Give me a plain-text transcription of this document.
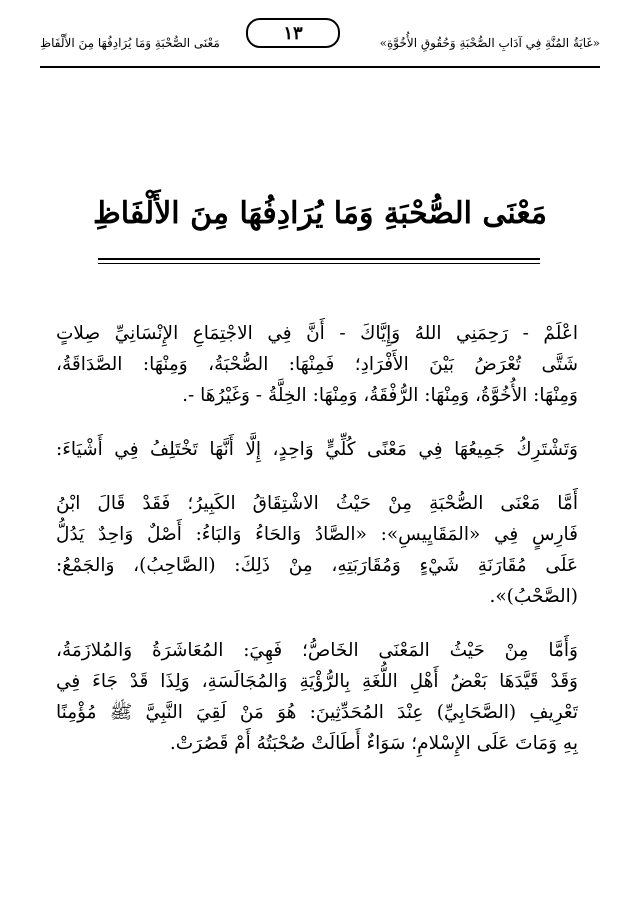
«غَايَةُ المُنَّةِ فِي آدَابِ الصُّحْبَةِ وَحُقُوقِ الأُخُوَّةِ»
مَعْنَى الصُّحْبَةِ وَمَا يُرَادِفُهَا مِنَ الأَلْفَاظِ	١٣
مَعْنَى الصُّحْبَةِ وَمَا يُرَادِفُهَا مِنَ الأَلْفَاظِ

اعْلَمْ - رَحِمَنِي اللهُ وَإِيَّاكَ - أَنَّ فِي الاجْتِمَاعِ الإِنْسَانِيِّ صِلاتٍ
شَتَّى تُعْرَضُ بَيْنَ الأَفْرَادِ؛ فَمِنْهَا: الصُّحْبَةُ، وَمِنْهَا: الصَّدَاقَةُ،
وَمِنْهَا: الأُخُوَّةُ، وَمِنْهَا: الرُّفْقَةُ، وَمِنْهَا: الخِلَّةُ - وَغَيْرُهَا -.

وَتَشْتَرِكُ جَمِيعُهَا فِي مَعْنًى كُلِّيٍّ وَاحِدٍ، إِلَّا أَنَّهَا تَخْتَلِفُ فِي أَشْيَاءَ:

أَمَّا مَعْنَى الصُّحْبَةِ مِنْ حَيْثُ الاشْتِقَاقُ الكَبِيرُ؛ فَقَدْ قَالَ ابْنُ
فَارِسٍ فِي «المَقَايِيسِ»: «الصَّادُ وَالحَاءُ وَالبَاءُ: أَصْلٌ وَاحِدٌ يَدُلُّ
عَلَى مُقَارَنَةِ شَيْءٍ وَمُقَارَبَتِهِ، مِنْ ذَلِكَ: (الصَّاحِبُ)، وَالجَمْعُ:
(الصَّحْبُ)».

وَأَمَّا مِنْ حَيْثُ المَعْنَى الخَاصُّ؛ فَهِيَ: المُعَاشَرَةُ وَالمُلازَمَةُ،
وَقَدْ قَيَّدَهَا بَعْضُ أَهْلِ اللُّغَةِ بِالرُّؤْيَةِ وَالمُجَالَسَةِ، وَلِذَا قَدْ جَاءَ فِي
تَعْرِيفِ (الصَّحَابِيِّ) عِنْدَ المُحَدِّثِينَ: هُوَ مَنْ لَقِيَ النَّبِيَّ ﷺ مُؤْمِنًا
بِهِ وَمَاتَ عَلَى الإِسْلامِ؛ سَوَاءٌ أَطَالَتْ صُحْبَتُهُ أَمْ قَصُرَتْ.
